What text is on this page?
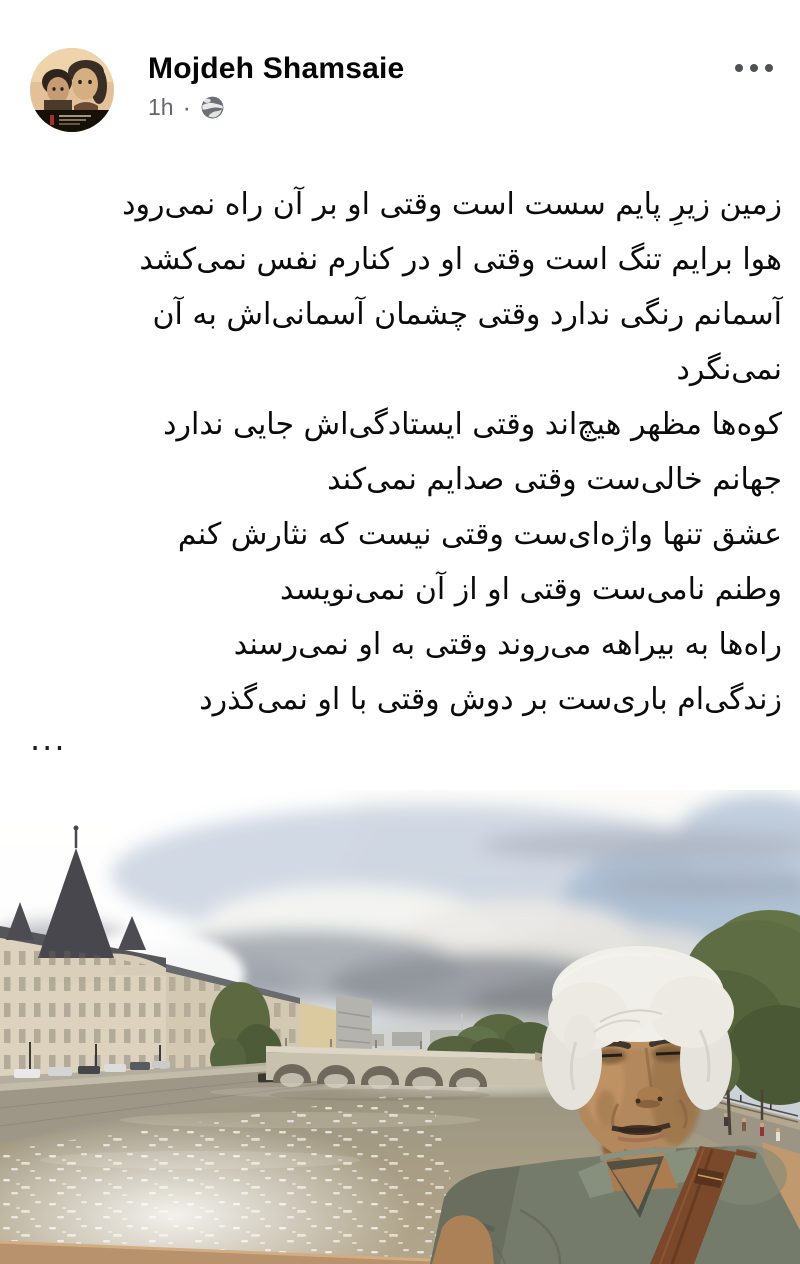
Mojdeh Shamsaie
1h ·
زمین زیرِ پایم سست است وقتی او بر آن راه نمی‌رود
هوا برایم تنگ است وقتی او در کنارم نفس نمی‌کشد
آسمانم رنگی ندارد وقتی چشمان آسمانی‌اش به آن
نمی‌نگرد
کوه‌ها مظهر هیچ‌اند وقتی ایستادگی‌اش جایی ندارد
جهانم خالی‌ست وقتی صدایم نمی‌کند
عشق تنها واژه‌ای‌ست وقتی نیست که نثارش کنم
وطنم نامی‌ست وقتی او از آن نمی‌نویسد
راه‌ها به بیراهه می‌روند وقتی به او نمی‌رسند
زندگی‌ام باری‌ست بر دوش وقتی با او نمی‌گذرد
...
